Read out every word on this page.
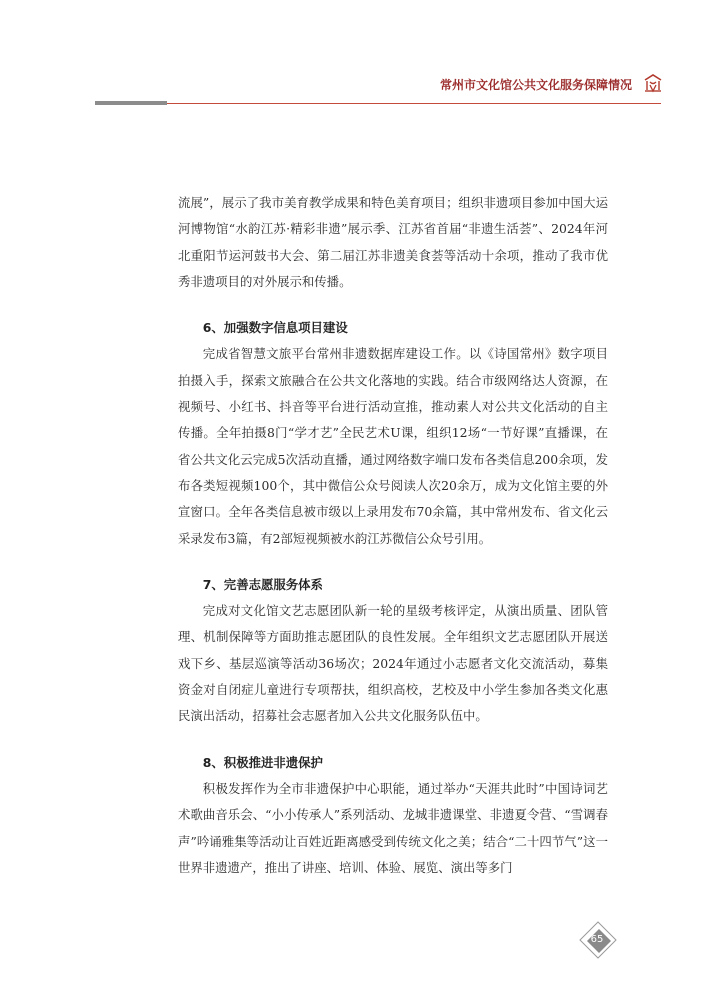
常州市文化馆公共文化服务保障情况

流展”，展示了我市美育教学成果和特色美育项目；组织非遗项目参加中国大运河博物馆“水韵江苏·精彩非遗”展示季、江苏省首届“非遗生活荟”、2024年河北重阳节运河鼓书大会、第二届江苏非遗美食荟等活动十余项，推动了我市优秀非遗项目的对外展示和传播。

6、加强数字信息项目建设

完成省智慧文旅平台常州非遗数据库建设工作。以《诗国常州》数字项目拍摄入手，探索文旅融合在公共文化落地的实践。结合市级网络达人资源，在视频号、小红书、抖音等平台进行活动宣推，推动素人对公共文化活动的自主传播。全年拍摄8门“学才艺”全民艺术U课，组织12场“一节好课”直播课，在省公共文化云完成5次活动直播，通过网络数字端口发布各类信息200余项，发布各类短视频100个，其中微信公众号阅读人次20余万，成为文化馆主要的外宣窗口。全年各类信息被市级以上录用发布70余篇，其中常州发布、省文化云采录发布3篇，有2部短视频被水韵江苏微信公众号引用。

7、完善志愿服务体系

完成对文化馆文艺志愿团队新一轮的星级考核评定，从演出质量、团队管理、机制保障等方面助推志愿团队的良性发展。全年组织文艺志愿团队开展送戏下乡、基层巡演等活动36场次；2024年通过小志愿者文化交流活动，募集资金对自闭症儿童进行专项帮扶，组织高校，艺校及中小学生参加各类文化惠民演出活动，招募社会志愿者加入公共文化服务队伍中。

8、积极推进非遗保护

积极发挥作为全市非遗保护中心职能，通过举办“天涯共此时”中国诗词艺术歌曲音乐会、“小小传承人”系列活动、龙城非遗课堂、非遗夏令营、“雪调春声”吟诵雅集等活动让百姓近距离感受到传统文化之美；结合“二十四节气”这一世界非遗遗产，推出了讲座、培训、体验、展览、演出等多门

65
